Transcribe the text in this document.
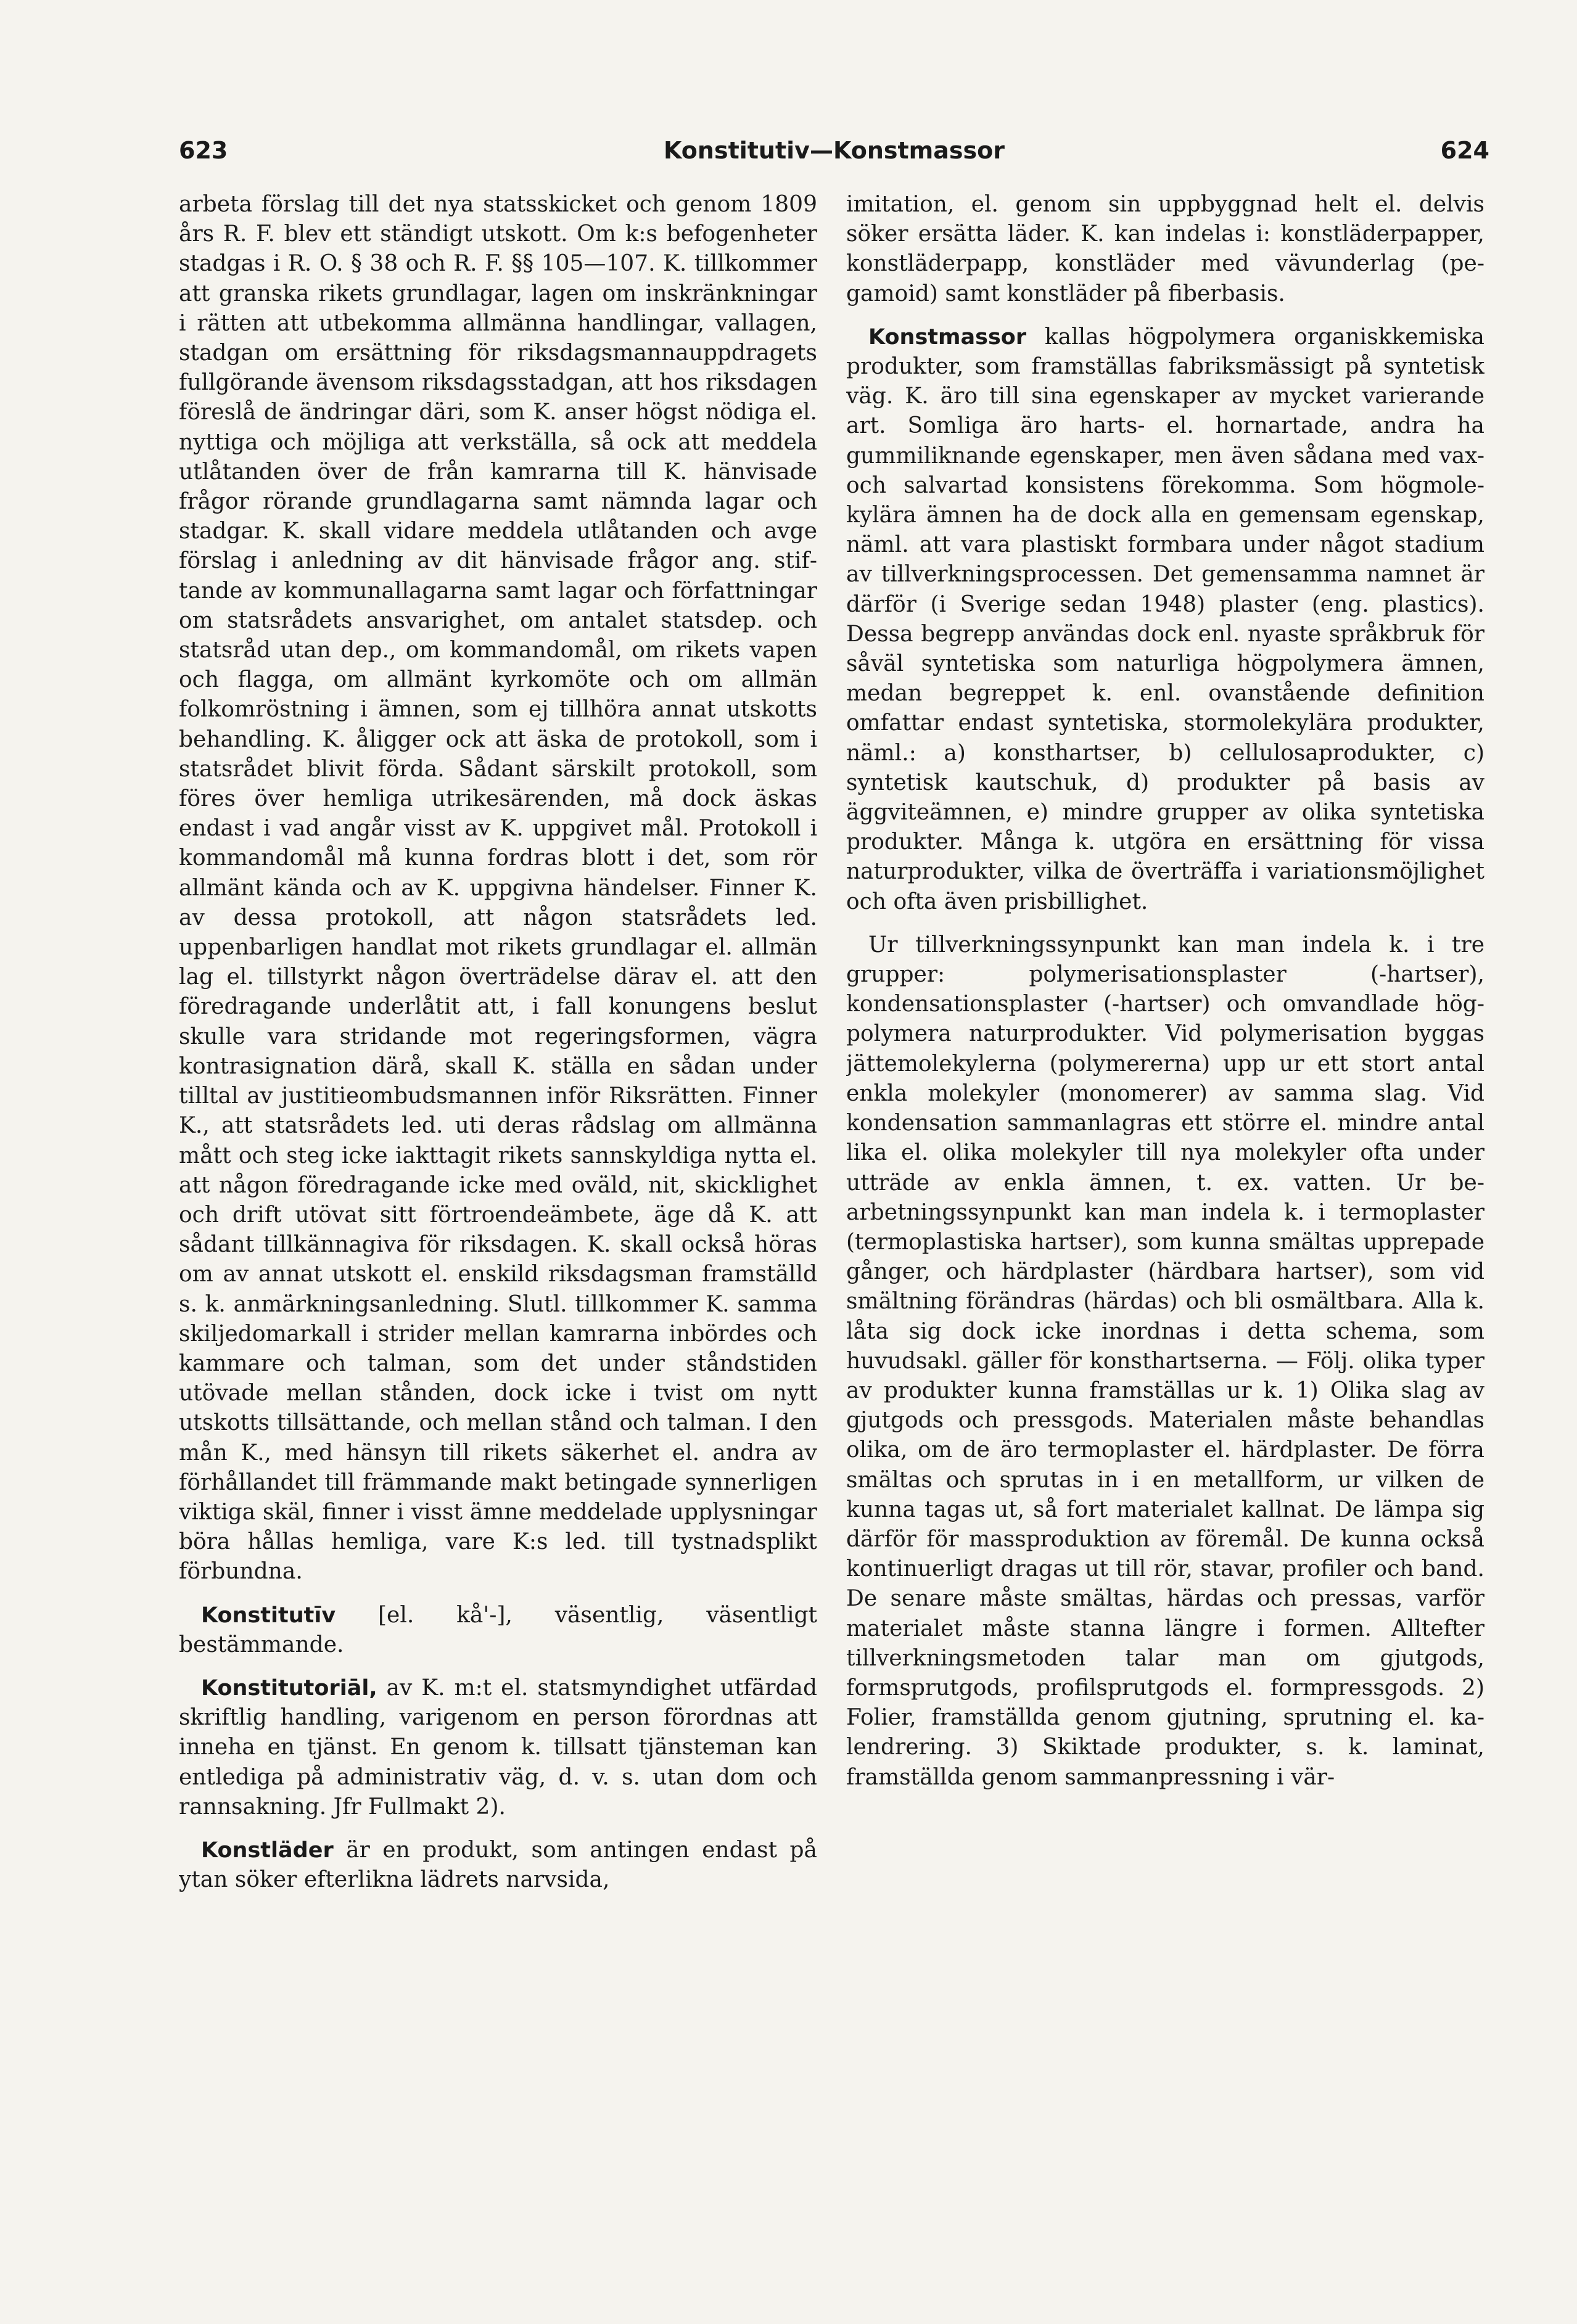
623	Konstitutiv—Konstmassor	624

arbeta förslag till det nya statsskicket och genom 1809 års R. F. blev ett ständigt utskott. Om k:s befogenheter stadgas i R. O. § 38 och R. F. §§ 105—107. K. tillkommer att granska rikets grundlagar, lagen om inskränkningar i rätten att utbekomma allmänna handlingar, vallagen, stadgan om ersättning för riksdagsmannauppdragets fullgörande ävensom riksdagsstadgan, att hos riksdagen föreslå de ändringar däri, som K. anser högst nödiga el. nyttiga och möjliga att verkställa, så ock att meddela utlåtanden över de från kamrarna till K. hänvisade frågor rörande grundlagarna samt nämnda lagar och stadgar. K. skall vidare meddela utlåtanden och avge förslag i anledning av dit hänvisade frågor ang. stiftande av kommunallagarna samt lagar och författningar om statsrådets ansvarighet, om antalet statsdep. och statsråd utan dep., om kommandomål, om rikets vapen och flagga, om allmänt kyrkomöte och om allmän folkomröstning i ämnen, som ej tillhöra annat utskotts behandling. K. åligger ock att äska de protokoll, som i statsrådet blivit förda. Sådant särskilt protokoll, som föres över hemliga utrikesärenden, må dock äskas endast i vad angår visst av K. uppgivet mål. Protokoll i kommandomål må kunna fordras blott i det, som rör allmänt kända och av K. uppgivna händelser. Finner K. av dessa protokoll, att någon statsrådets led. uppenbarligen handlat mot rikets grundlagar el. allmän lag el. tillstyrkt någon överträdelse därav el. att den föredragande underlåtit att, i fall konungens beslut skulle vara stridande mot regeringsformen, vägra kontrasignation därå, skall K. ställa en sådan under tilltal av justitieombudsmannen inför Riksrätten. Finner K., att statsrådets led. uti deras rådslag om allmänna mått och steg icke iakttagit rikets sannskyldiga nytta el. att någon föredragande icke med oväld, nit, skicklighet och drift utövat sitt förtroendeämbete, äge då K. att sådant tillkännagiva för riksdagen. K. skall också höras om av annat utskott el. enskild riksdagsman framställd s. k. anmärkningsanledning. Slutl. tillkommer K. samma skiljedomarkall i strider mellan kamrarna inbördes och kammare och talman, som det under ståndstiden utövade mellan stånden, dock icke i tvist om nytt utskotts tillsättande, och mellan stånd och talman. I den mån K., med hänsyn till rikets säkerhet el. andra av förhållandet till främmande makt betingade synnerligen viktiga skäl, finner i visst ämne meddelade upplysningar böra hållas hemliga, vare K:s led. till tystnadsplikt förbundna.

Konstitutīv [el. kå'-], väsentlig, väsentligt bestämmande.

Konstitutoriāl, av K. m:t el. statsmyndighet utfärdad skriftlig handling, varigenom en person förordnas att inneha en tjänst. En genom k. tillsatt tjänsteman kan entlediga på administrativ väg, d. v. s. utan dom och rannsakning. Jfr Fullmakt 2).

Konstläder är en produkt, som antingen endast på ytan söker efterlikna lädrets narvsida,

imitation, el. genom sin uppbyggnad helt el. delvis söker ersätta läder. K. kan indelas i: konstläderpapper, konstläderpapp, konstläder med vävunderlag (pegamoid) samt konstläder på fiberbasis.

Konstmassor kallas högpolymera organiskkemiska produkter, som framställas fabriksmässigt på syntetisk väg. K. äro till sina egenskaper av mycket varierande art. Somliga äro harts- el. hornartade, andra ha gummiliknande egenskaper, men även sådana med vax- och salvartad konsistens förekomma. Som högmolekylära ämnen ha de dock alla en gemensam egenskap, näml. att vara plastiskt formbara under något stadium av tillverkningsprocessen. Det gemensamma namnet är därför (i Sverige sedan 1948) plaster (eng. plastics). Dessa begrepp användas dock enl. nyaste språkbruk för såväl syntetiska som naturliga högpolymera ämnen, medan begreppet k. enl. ovanstående definition omfattar endast syntetiska, stormolekylära produkter, näml.: a) konsthartser, b) cellulosaprodukter, c) syntetisk kautschuk, d) produkter på basis av äggviteämnen, e) mindre grupper av olika syntetiska produkter. Många k. utgöra en ersättning för vissa naturprodukter, vilka de överträffa i variationsmöjlighet och ofta även prisbillighet.

Ur tillverkningssynpunkt kan man indela k. i tre grupper: polymerisationsplaster (-hartser), kondensationsplaster (-hartser) och omvandlade högpolymera naturprodukter. Vid polymerisation byggas jättemolekylerna (polymererna) upp ur ett stort antal enkla molekyler (monomerer) av samma slag. Vid kondensation sammanlagras ett större el. mindre antal lika el. olika molekyler till nya molekyler ofta under utträde av enkla ämnen, t. ex. vatten. Ur bearbetningssynpunkt kan man indela k. i termoplaster (termoplastiska hartser), som kunna smältas upprepade gånger, och härdplaster (härdbara hartser), som vid smältning förändras (härdas) och bli osmältbara. Alla k. låta sig dock icke inordnas i detta schema, som huvudsakl. gäller för konsthartserna. — Följ. olika typer av produkter kunna framställas ur k. 1) Olika slag av gjutgods och pressgods. Materialen måste behandlas olika, om de äro termoplaster el. härdplaster. De förra smältas och sprutas in i en metallform, ur vilken de kunna tagas ut, så fort materialet kallnat. De lämpa sig därför för massproduktion av föremål. De kunna också kontinuerligt dragas ut till rör, stavar, profiler och band. De senare måste smältas, härdas och pressas, varför materialet måste stanna längre i formen. Alltefter tillverkningsmetoden talar man om gjutgods, formsprutgods, profilsprutgods el. formpressgods. 2) Folier, framställda genom gjutning, sprutning el. kalendrering. 3) Skiktade produkter, s. k. laminat, framställda genom sammanpressning i vär-
